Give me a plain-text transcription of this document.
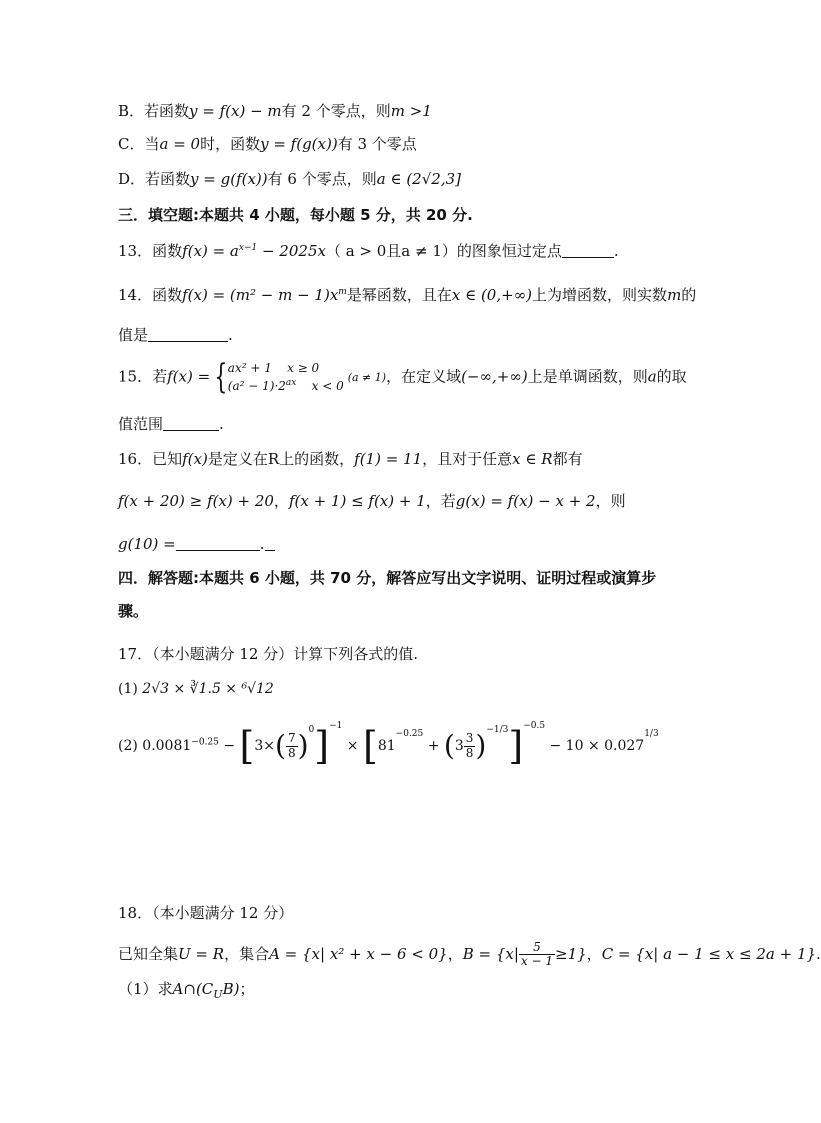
B．若函数y = f(x) − m有 2 个零点，则m >1
C．当a = 0时，函数y = f(g(x))有 3 个零点
D．若函数y = g(f(x))有 6 个零点，则a ∈ (2√2,3]
三．填空题:本题共 4 小题，每小题 5 分，共 20 分.
13．函数$f(x) = a^{x-1} - 2025x$（ a > 0且a ≠ 1）的图象恒过定点	.
14．函数$f(x) = (m^2 - m - 1)x^m$是幂函数，且在x ∈ (0,+∞)上为增函数，则实数m的
值是	.
15．若f(x) = {ax² + 1    x ≥ 0
$(a^2 - 1)\cdot 2^{ax}$    x < 0(a ≠ 1)，在定义域(−∞,+∞)上是单调函数，则a的取
值范围	.
16．已知f(x)是定义在R上的函数，f(1) = 11，且对于任意x ∈ R都有
f(x + 20) ≥ f(x) + 20，f(x + 1) ≤ f(x) + 1，若g(x) = f(x) − x + 2，则
g(10) =	.
四．解答题:本题共 6 小题，共 70 分，解答应写出文字说明、证明过程或演算步
骤。
17．（本小题满分 12 分）计算下列各式的值.
(1) 2√3 × ∛1.5 × ⁶√12
(2) $0.0081^{-0.25} - [3\times( \frac{7}{8} )^0]^{-1} \times [81^{-0.25} + (3 \frac{3}{8} )^{-1/3}]^{-0.5} - 10 \times 0.027^{1/3}$
18．（本小题满分 12 分）
已知全集U = R，集合A = {x| x² + x − 6 < 0}，$B = \{x| \frac{5}{x - 1} \ge 1\}$，C = {x| a − 1 ≤ x ≤ 2a + 1}.
（1）求$A\cap(C_UB)$；
